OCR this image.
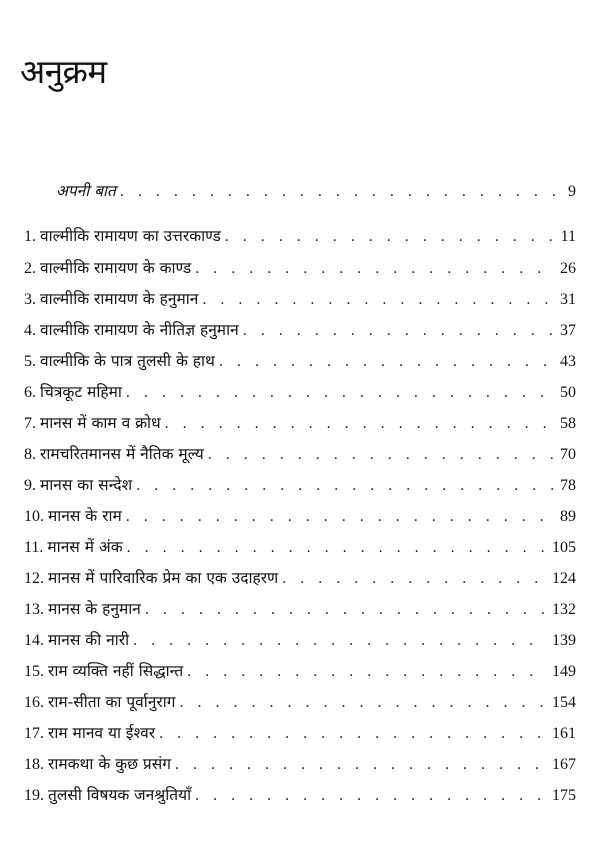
अनुक्रम
अपनी बात . . .	9
1. वाल्मीकि रामायण का उत्तरकाण्ड . . .	11
2. वाल्मीकि रामायण के काण्ड . . .	26
3. वाल्मीकि रामायण के हनुमान . . .	31
4. वाल्मीकि रामायण के नीतिज्ञ हनुमान . . .	37
5. वाल्मीकि के पात्र तुलसी के हाथ . . .	43
6. चित्रकूट महिमा . . .	50
7. मानस में काम व क्रोध . . .	58
8. रामचरितमानस में नैतिक मूल्य . . .	70
9. मानस का सन्देश . . .	78
10. मानस के राम . . .	89
11. मानस में अंक . . .	105
12. मानस में पारिवारिक प्रेम का एक उदाहरण . . .	124
13. मानस के हनुमान . . .	132
14. मानस की नारी . . .	139
15. राम व्यक्ति नहीं सिद्धान्त . . .	149
16. राम-सीता का पूर्वानुराग . . .	154
17. राम मानव या ईश्वर . . .	161
18. रामकथा के कुछ प्रसंग . . .	167
19. तुलसी विषयक जनश्रुतियाँ . . .	175
